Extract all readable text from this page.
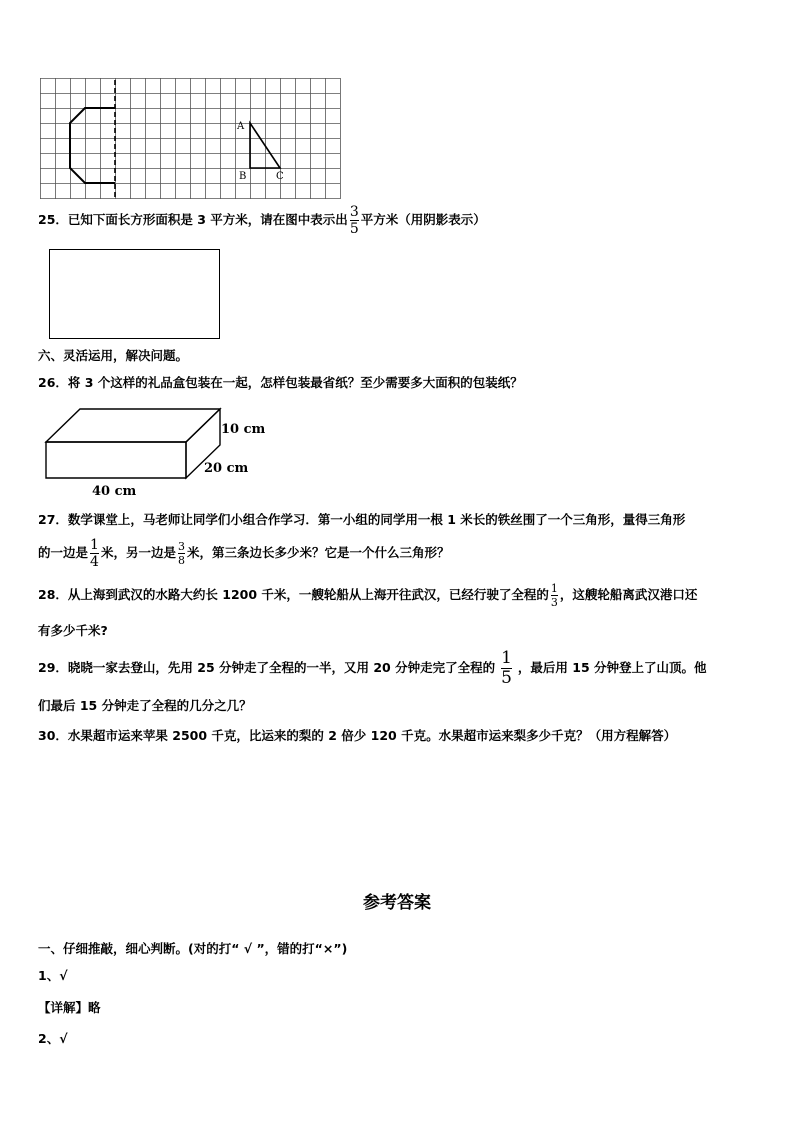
A
B	C
25．已知下面长方形面积是 3 平方米，请在图中表示出 $\frac{3}{5}$ 平方米（用阴影表示）
六、灵活运用，解决问题。
26．将 3 个这样的礼品盒包装在一起，怎样包装最省纸？至少需要多大面积的包装纸？
10 cm
20 cm
40 cm
27．数学课堂上，马老师让同学们小组合作学习．第一小组的同学用一根 1 米长的铁丝围了一个三角形，量得三角形
的一边是 $\frac{1}{4}$ 米，另一边是 $\frac{3}{8}$ 米，第三条边长多少米？它是一个什么三角形？
28．从上海到武汉的水路大约长 1200 千米，一艘轮船从上海开往武汉，已经行驶了全程的 $\frac{1}{3}$ ，这艘轮船离武汉港口还
有多少千米?
29．晓晓一家去登山，先用 25 分钟走了全程的一半，又用 20 分钟走完了全程的 $\frac{1}{5}$ ，最后用 15 分钟登上了山顶。他
们最后 15 分钟走了全程的几分之几？
30．水果超市运来苹果 2500 千克，比运来的梨的 2 倍少 120 千克。水果超市运来梨多少千克？（用方程解答）
参考答案
一、仔细推敲，细心判断。(对的打“ √ ”，错的打“×”)
1、√
【详解】略
2、√
